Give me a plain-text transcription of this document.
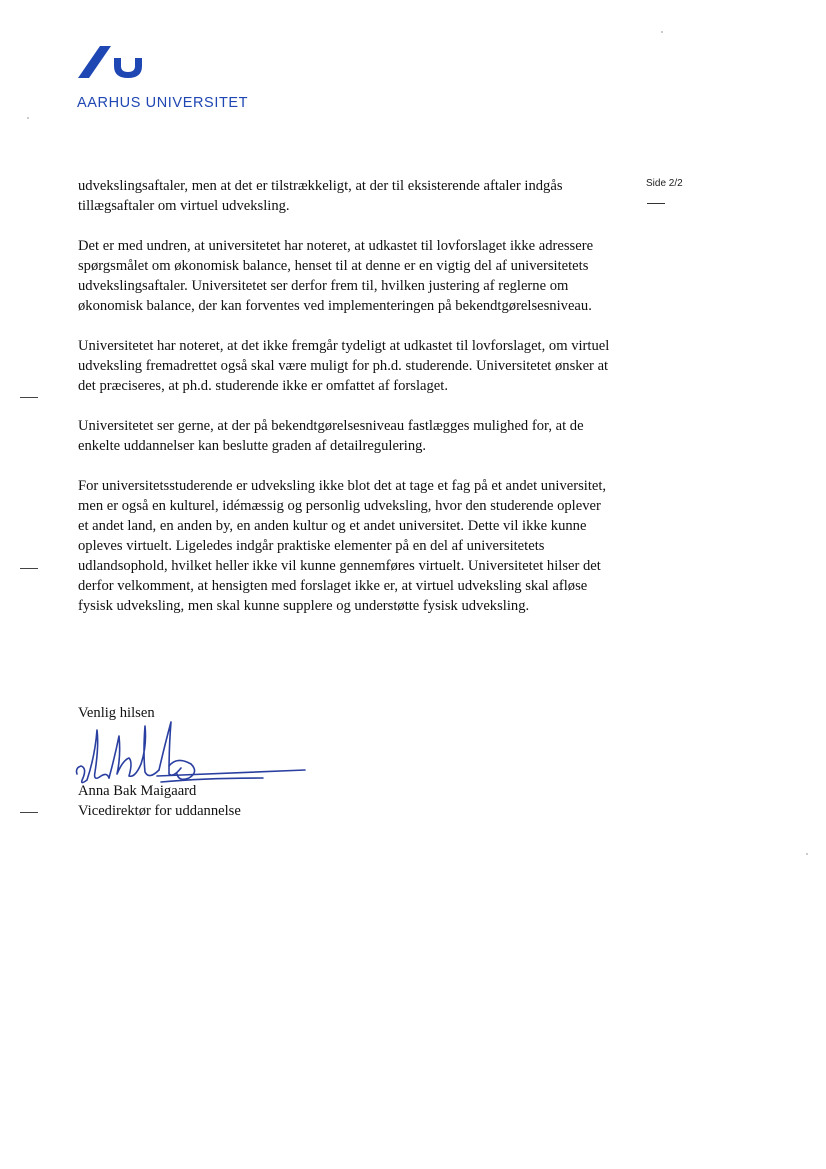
AARHUS UNIVERSITET
Side 2/2

udvekslingsaftaler, men at det er tilstrækkeligt, at der til eksisterende aftaler indgås tillægsaftaler om virtuel udveksling.

Det er med undren, at universitetet har noteret, at udkastet til lovforslaget ikke adressere spørgsmålet om økonomisk balance, henset til at denne er en vigtig del af universitetets udvekslingsaftaler. Universitetet ser derfor frem til, hvilken justering af reglerne om økonomisk balance, der kan forventes ved implementeringen på bekendtgørelsesniveau.

Universitetet har noteret, at det ikke fremgår tydeligt at udkastet til lovforslaget, om virtuel udveksling fremadrettet også skal være muligt for ph.d. studerende. Universitetet ønsker at det præciseres, at ph.d. studerende ikke er omfattet af forslaget.

Universitetet ser gerne, at der på bekendtgørelsesniveau fastlægges mulighed for, at de enkelte uddannelser kan beslutte graden af detailregulering.

For universitetsstuderende er udveksling ikke blot det at tage et fag på et andet universitet, men er også en kulturel, idémæssig og personlig udveksling, hvor den studerende oplever et andet land, en anden by, en anden kultur og et andet universitet. Dette vil ikke kunne opleves virtuelt. Ligeledes indgår praktiske elementer på en del af universitetets udlandsophold, hvilket heller ikke vil kunne gennemføres virtuelt. Universitetet hilser det derfor velkomment, at hensigten med forslaget ikke er, at virtuel udveksling skal afløse fysisk udveksling, men skal kunne supplere og understøtte fysisk udveksling.

Venlig hilsen
Anna Bak Maigaard
Vicedirektør for uddannelse
